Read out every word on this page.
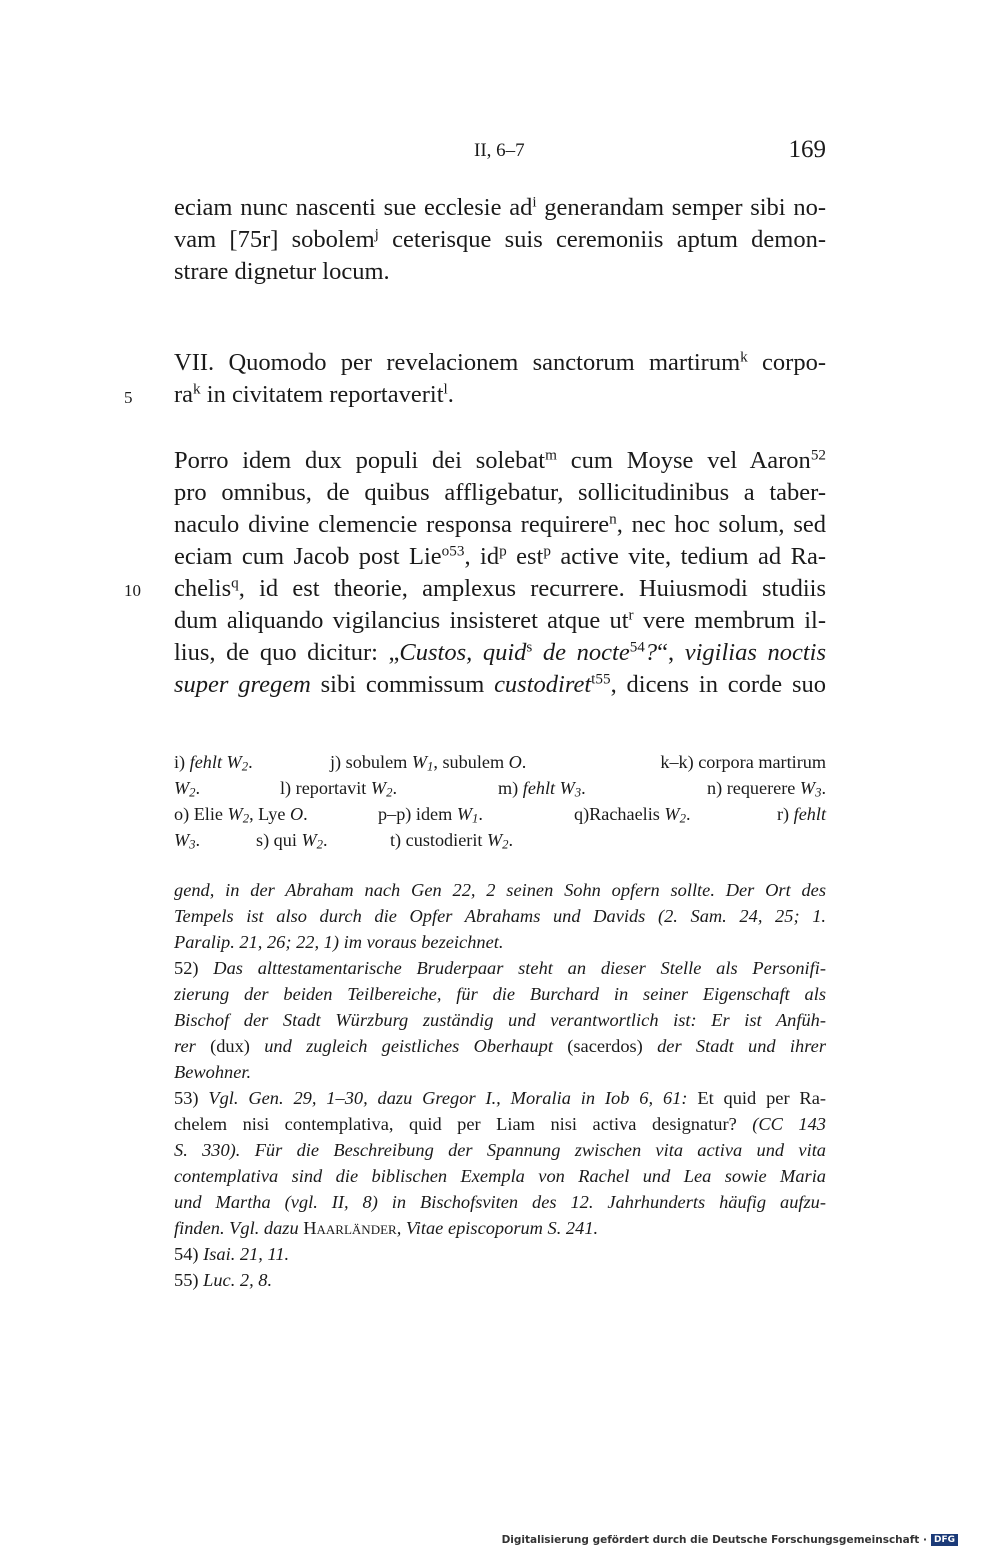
II, 6–7	169
eciam nunc nascenti sue ecclesie $ad^i$ generandam semper sibi no-
vam [75r] sobolem$^j$ ceterisque suis ceremoniis aptum demon-
strare dignetur locum.
VII. Quomodo per revelacionem sanctorum martirum$^k$ corpo-
$ra^k$ in civitatem reportaverit$^l$.
5
Porro idem dux populi dei solebat$^m$ cum Moyse vel Aaron$^{52}$
pro omnibus, de quibus affligebatur, sollicitudinibus a taber-
naculo divine clemencie responsa requirere$^n$, nec hoc solum, sed
eciam cum Jacob post Lie$^{o53}$, $id^p$ est$^p$ active vite, tedium ad Ra-
chelis$^q$, id est theorie, amplexus recurrere. Huiusmodi studiis
10
dum aliquando vigilancius insisteret atque $ut^r$ vere membrum il-
lius, de quo dicitur: „Custos, quid$^s$ de nocte$^{54}$?“, vigilias noctis
super gregem sibi commissum custodiret$^{t55}$, dicens in corde suo
i) fehlt $W_2$.	j) sobulem $W_1$, subulem O.	k–k) corpora martirum
$W_2$.	l) reportavit $W_2$.	m) fehlt $W_3$.	n) requerere $W_3$.
o) Elie $W_2$, Lye O.	p–p) idem $W_1$.	q)Rachaelis $W_2$.	r) fehlt
$W_3$.	s) qui $W_2$.	t) custodierit $W_2$.
gend, in der Abraham nach Gen 22, 2 seinen Sohn opfern sollte. Der Ort des
Tempels ist also durch die Opfer Abrahams und Davids (2. Sam. 24, 25; 1.
Paralip. 21, 26; 22, 1) im voraus bezeichnet.
52) Das alttestamentarische Bruderpaar steht an dieser Stelle als Personifi-
zierung der beiden Teilbereiche, für die Burchard in seiner Eigenschaft als
Bischof der Stadt Würzburg zuständig und verantwortlich ist: Er ist Anfüh-
rer (dux) und zugleich geistliches Oberhaupt (sacerdos) der Stadt und ihrer
Bewohner.
53) Vgl. Gen. 29, 1–30, dazu Gregor I., Moralia in Iob 6, 61: Et quid per Ra-
chelem nisi contemplativa, quid per Liam nisi activa designatur? (CC 143
S. 330). Für die Beschreibung der Spannung zwischen vita activa und vita
contemplativa sind die biblischen Exempla von Rachel und Lea sowie Maria
und Martha (vgl. II, 8) in Bischofsviten des 12. Jahrhunderts häufig aufzu-
finden. Vgl. dazu Haarländer, Vitae episcoporum S. 241.
54) Isai. 21, 11.
55) Luc. 2, 8.
Digitalisierung gefördert durch die Deutsche Forschungsgemeinschaft · DFG
